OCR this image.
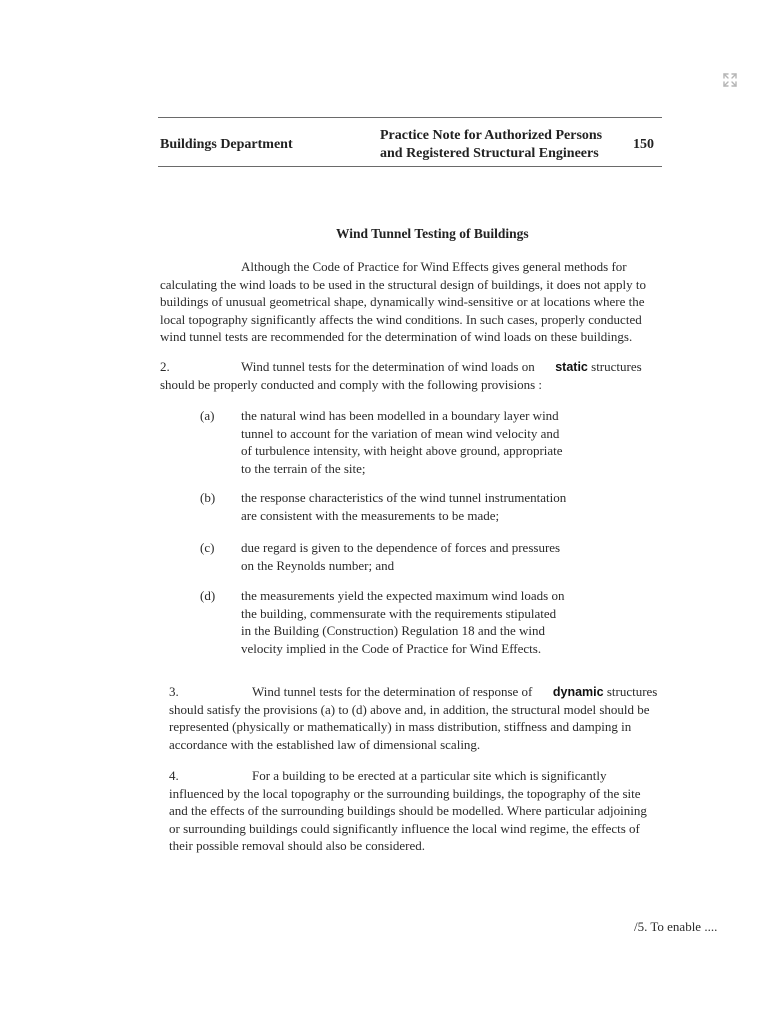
Buildings Department
Practice Note for Authorized Persons
and Registered Structural Engineers
150
Wind Tunnel Testing of Buildings
Although the Code of Practice for Wind Effects gives general methods for
calculating the wind loads to be used in the structural design of buildings, it does not apply to
buildings of unusual geometrical shape, dynamically wind-sensitive or at locations where the
local topography significantly affects the wind conditions. In such cases, properly conducted
wind tunnel tests are recommended for the determination of wind loads on these buildings.
2.	Wind tunnel tests for the determination of wind loads on static structures
should be properly conducted and comply with the following provisions :
(a) the natural wind has been modelled in a boundary layer wind
tunnel to account for the variation of mean wind velocity and
of turbulence intensity, with height above ground, appropriate
to the terrain of the site;
(b) the response characteristics of the wind tunnel instrumentation
are consistent with the measurements to be made;
(c) due regard is given to the dependence of forces and pressures
on the Reynolds number; and
(d) the measurements yield the expected maximum wind loads on
the building, commensurate with the requirements stipulated
in the Building (Construction) Regulation 18 and the wind
velocity implied in the Code of Practice for Wind Effects.
3.	Wind tunnel tests for the determination of response of dynamic structures
should satisfy the provisions (a) to (d) above and, in addition, the structural model should be
represented (physically or mathematically) in mass distribution, stiffness and damping in
accordance with the established law of dimensional scaling.
4.	For a building to be erected at a particular site which is significantly
influenced by the local topography or the surrounding buildings, the topography of the site
and the effects of the surrounding buildings should be modelled. Where particular adjoining
or surrounding buildings could significantly influence the local wind regime, the effects of
their possible removal should also be considered.
/5. To enable ....
